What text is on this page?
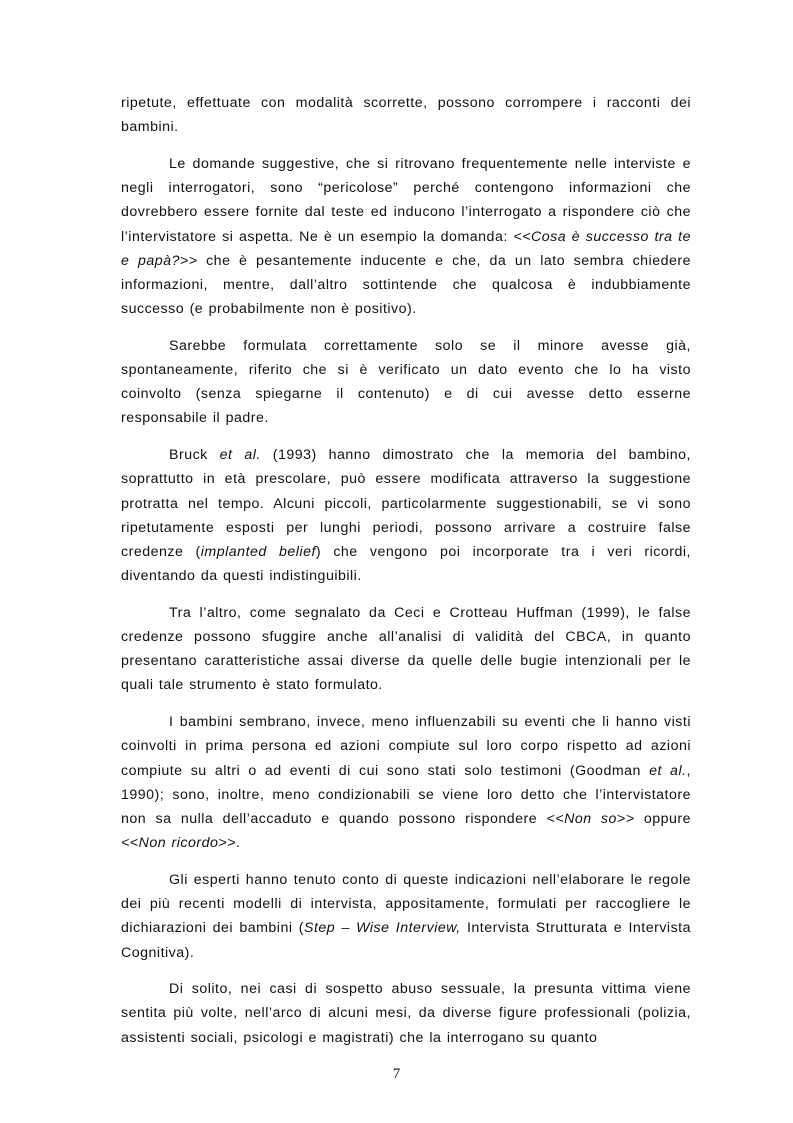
ripetute, effettuate con modalità scorrette, possono corrompere i racconti dei bambini.

Le domande suggestive, che si ritrovano frequentemente nelle interviste e negli interrogatori, sono “pericolose” perché contengono informazioni che dovrebbero essere fornite dal teste ed inducono l’interrogato a rispondere ciò che l’intervistatore si aspetta. Ne è un esempio la domanda: <<Cosa è successo tra te e papà?>> che è pesantemente inducente e che, da un lato sembra chiedere informazioni, mentre, dall’altro sottintende che qualcosa è indubbiamente successo (e probabilmente non è positivo).

Sarebbe formulata correttamente solo se il minore avesse già, spontaneamente, riferito che si è verificato un dato evento che lo ha visto coinvolto (senza spiegarne il contenuto) e di cui avesse detto esserne responsabile il padre.

Bruck et al. (1993) hanno dimostrato che la memoria del bambino, soprattutto in età prescolare, può essere modificata attraverso la suggestione protratta nel tempo. Alcuni piccoli, particolarmente suggestionabili, se vi sono ripetutamente esposti per lunghi periodi, possono arrivare a costruire false credenze (implanted belief) che vengono poi incorporate tra i veri ricordi, diventando da questi indistinguibili.

Tra l’altro, come segnalato da Ceci e Crotteau Huffman (1999), le false credenze possono sfuggire anche all’analisi di validità del CBCA, in quanto presentano caratteristiche assai diverse da quelle delle bugie intenzionali per le quali tale strumento è stato formulato.

I bambini sembrano, invece, meno influenzabili su eventi che li hanno visti coinvolti in prima persona ed azioni compiute sul loro corpo rispetto ad azioni compiute su altri o ad eventi di cui sono stati solo testimoni (Goodman et al., 1990); sono, inoltre, meno condizionabili se viene loro detto che l’intervistatore non sa nulla dell’accaduto e quando possono rispondere <<Non so>> oppure <<Non ricordo>>.

Gli esperti hanno tenuto conto di queste indicazioni nell’elaborare le regole dei più recenti modelli di intervista, appositamente, formulati per raccogliere le dichiarazioni dei bambini (Step – Wise Interview, Intervista Strutturata e Intervista Cognitiva).

Di solito, nei casi di sospetto abuso sessuale, la presunta vittima viene sentita più volte, nell’arco di alcuni mesi, da diverse figure professionali (polizia, assistenti sociali, psicologi e magistrati) che la interrogano su quanto

7
